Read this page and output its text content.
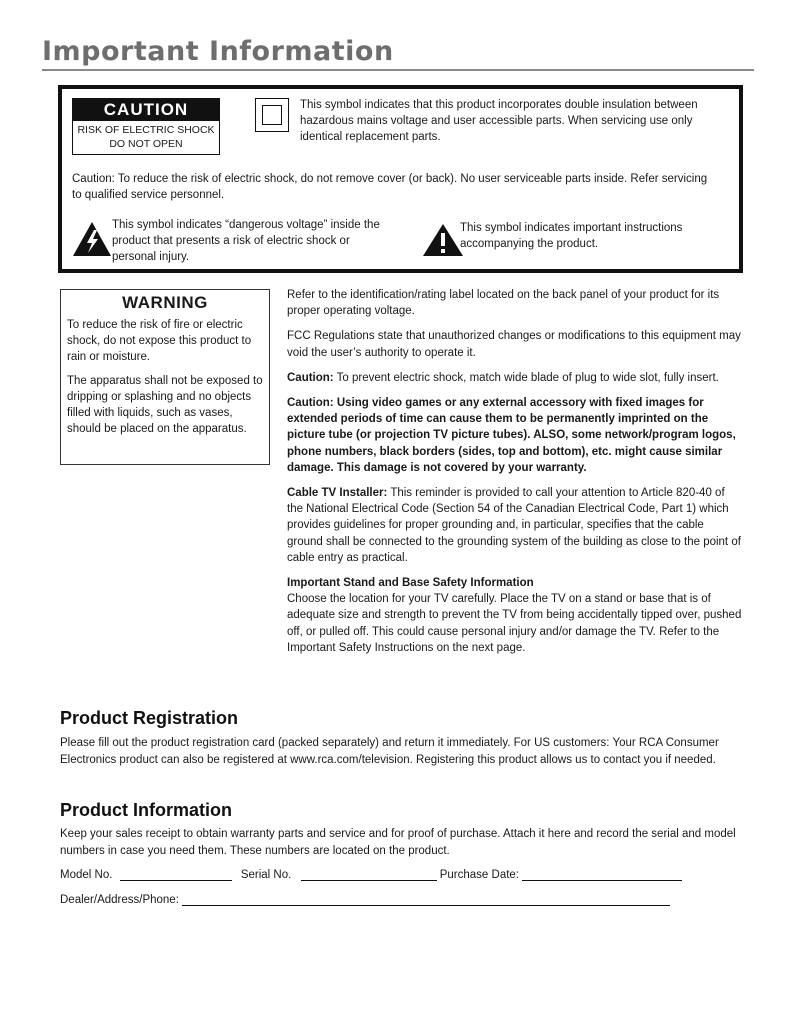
Important Information
CAUTION
RISK OF ELECTRIC SHOCK
DO NOT OPEN
This symbol indicates that this product incorporates double insulation between hazardous mains voltage and user accessible parts. When servicing use only identical replacement parts.
Caution: To reduce the risk of electric shock, do not remove cover (or back). No user serviceable parts inside. Refer servicing to qualified service personnel.
This symbol indicates “dangerous voltage” inside the product that presents a risk of electric shock or personal injury.
This symbol indicates important instructions accompanying the product.
WARNING

To reduce the risk of fire or electric shock, do not expose this product to rain or moisture.

The apparatus shall not be exposed to dripping or splashing and no objects filled with liquids, such as vases, should be placed on the apparatus.

Refer to the identification/rating label located on the back panel of your product for its proper operating voltage.

FCC Regulations state that unauthorized changes or modifications to this equipment may void the user’s authority to operate it.

Caution: To prevent electric shock, match wide blade of plug to wide slot, fully insert.

Caution: Using video games or any external accessory with fixed images for extended periods of time can cause them to be permanently imprinted on the picture tube (or projection TV picture tubes). ALSO, some network/program logos, phone numbers, black borders (sides, top and bottom), etc. might cause similar damage. This damage is not covered by your warranty.

Cable TV Installer: This reminder is provided to call your attention to Article 820-40 of the National Electrical Code (Section 54 of the Canadian Electrical Code, Part 1) which provides guidelines for proper grounding and, in particular, specifies that the cable ground shall be connected to the grounding system of the building as close to the point of cable entry as practical.

Important Stand and Base Safety Information
Choose the location for your TV carefully. Place the TV on a stand or base that is of adequate size and strength to prevent the TV from being accidentally tipped over, pushed off, or pulled off. This could cause personal injury and/or damage the TV. Refer to the Important Safety Instructions on the next page.

Product Registration

Please fill out the product registration card (packed separately) and return it immediately. For US customers: Your RCA Consumer Electronics product can also be registered at www.rca.com/television. Registering this product allows us to contact you if needed.

Product Information

Keep your sales receipt to obtain warranty parts and service and for proof of purchase. Attach it here and record the serial and model numbers in case you need them. These numbers are located on the product.

Model No.	Serial No.	Purchase Date:
Dealer/Address/Phone:
